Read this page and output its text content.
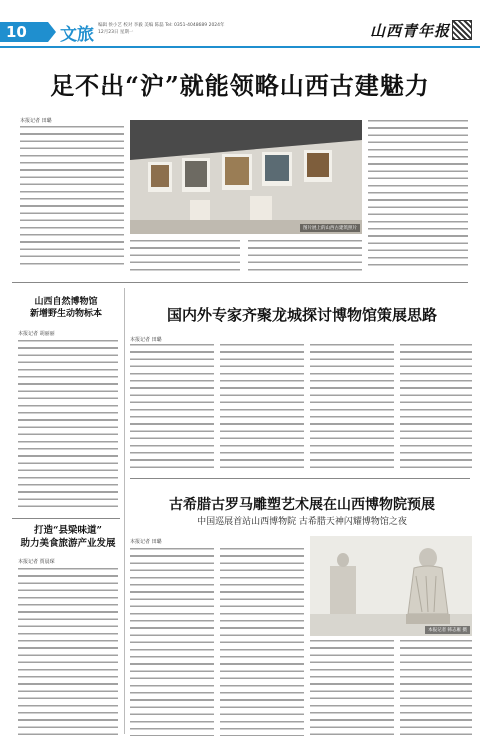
10	文旅 编辑 侯小艺 校对 李毅 美编 陈磊 Tel: 0351-4048689 2024年12月23日 星期一	山西青年报
足不出“沪”就能领略山西古建魅力
本报记者 田璐
图片展上的山西古建筑照片
山西自然博物馆
新增野生动物标本
本报记者 胡丽丽
国内外专家齐聚龙城探讨博物馆策展思路
本报记者 田璐
打造“县梁味道”
助力美食旅游产业发展
本报记者 贾晨琛
古希腊古罗马雕塑艺术展在山西博物院预展
中国巡展首站山西博物院 古希腊天神闪耀博物馆之夜
本报记者 田璐
本报记者 韩志雁 摄
